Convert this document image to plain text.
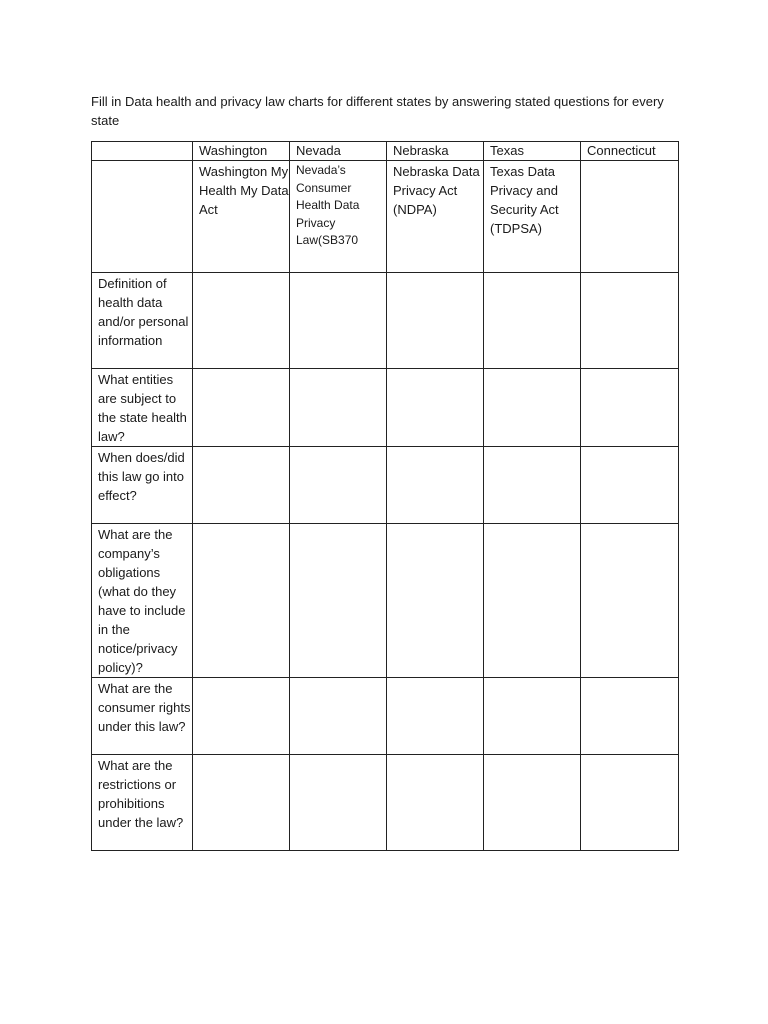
Fill in Data health and privacy law charts for different states by answering stated questions for every state

	Washington	Nevada	Nebraska	Texas	Connecticut

	Washington My Health My Data Act	Nevada’s Consumer Health Data Privacy Law(SB370	Nebraska Data Privacy Act (NDPA)	Texas Data Privacy and Security Act (TDPSA)	

Definition of health data and/or personal information					

What entities are subject to the state health law?					

When does/did this law go into effect?					

What are the company’s obligations (what do they have to include in the notice/privacy policy)?					

What are the consumer rights under this law?					

What are the restrictions or prohibitions under the law?					
